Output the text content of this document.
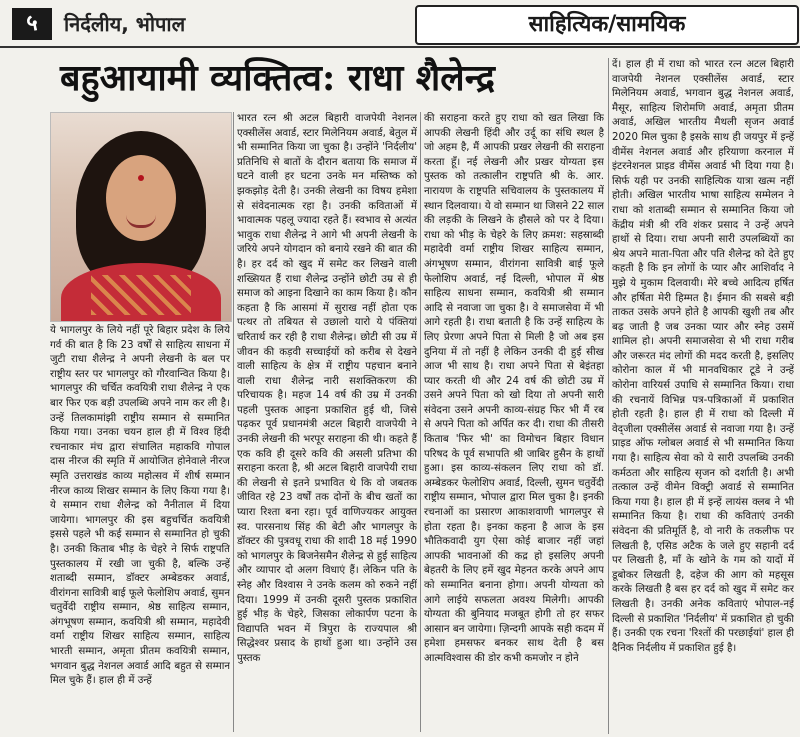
५	निर्दलीय, भोपाल	साहित्यिक/सामयिक
बहुआयामी व्यक्तित्व: राधा शैलेन्द्र

ये भागलपुर के लिये नहीं पूरे बिहार प्रदेश के लिये गर्व की बात है कि 23 वर्षों से साहित्य साधना में जुटी राधा शैलेन्द्र ने अपनी लेखनी के बल पर राष्ट्रीय स्तर पर भागलपुर को गौरवान्वित किया है। भागलपुर की चर्चित कवयित्री राधा शैलेन्द्र ने एक बार फिर एक बड़ी उपलब्धि अपने नाम कर ली है। उन्हें तिलकामांझी राष्ट्रीय सम्मान से सम्मानित किया गया। उनका चयन हाल ही में विश्व हिंदी रचनाकार मंच द्वारा संचालित महाकवि गोपाल दास नीरज की स्मृति में आयोजित होनेवाले नीरज स्मृति उत्तराखंड काव्य महोत्सव में शीर्ष सम्मान नीरज काव्य शिखर सम्मान के लिए किया गया है। ये सम्मान राधा शैलेन्द्र को नैनीताल में दिया जायेगा। भागलपुर की इस बहुचर्चित कवयित्री इससे पहले भी कई सम्मान से सम्मानित हो चुकी है। उनकी किताब भीड़ के चेहरे ने सिर्फ राष्ट्रपति पुस्तकालय में रखी जा चुकी है, बल्कि उन्हें शताब्दी सम्मान, डॉक्टर अम्बेडकर अवार्ड, वीरांगना सावित्री बाई फूले फेलोशिप अवार्ड, सुमन चतुर्वेदी राष्ट्रीय सम्मान, श्रेष्ठ साहित्य सम्मान, अंगभूषण सम्मान, कवयित्री श्री सम्मान, महादेवी वर्मा राष्ट्रीय शिखर साहित्य सम्मान, साहित्य भारती सम्मान, अमृता प्रीतम कवयित्री सम्मान, भगवान बुद्ध नेशनल अवार्ड आदि बहुत से सम्मान मिल चुके हैं। हाल ही में उन्हें

भारत रत्न श्री अटल बिहारी वाजपेयी नेशनल एक्सीलेंस अवार्ड, स्टार मिलेनियम अवार्ड, बेतुल में भी सम्मानित किया जा चुका है। उन्होंने 'निर्दलीय' प्रतिनिधि से बातों के दौरान बताया कि समाज में घटने वाली हर घटना उनके मन मस्तिष्क को झकझोड़ देती है। उनकी लेखनी का विषय हमेशा से संवेदनात्मक रहा है। उनकी कविताओं में भावात्मक पहलू ज्यादा रहते हैं। स्वभाव से अत्यंत भावुक राधा शैलेन्द्र ने आगे भी अपनी लेखनी के जरिये अपने योगदान को बनाये रखने की बात की है। हर दर्द को खुद में समेट कर लिखने वाली शख्सियत हैं राधा शैलेन्द्र उन्होंने छोटी उम्र से ही समाज को आइना दिखाने का काम किया है। कौन कहता है कि आसमां में सुराख नहीं होता एक पत्थर तो तबियत से उछालो यारो ये पंक्तियां चरितार्थ कर रही है राधा शैलेन्द्र। छोटी सी उम्र में जीवन की कड़वी सच्चाईयों को करीब से देखने वाली साहित्य के क्षेत्र में राष्ट्रीय पहचान बनाने वाली राधा शैलेन्द्र नारी सशक्तिकरण की परिचायक है। महज 14 वर्ष की उम्र में उनकी पहली पुस्तक आइना प्रकाशित हुई थी, जिसे पढ़कर पूर्व प्रधानमंत्री अटल बिहारी वाजपेयी ने उनकी लेखनी की भरपूर सराहना की थी। कहते हैं एक कवि ही दूसरे कवि की असली प्रतिभा की सराहना करता है, श्री अटल बिहारी वाजपेयी राधा की लेखनी से इतने प्रभावित थे कि वो जबतक जीवित रहे 23 वर्षों तक दोनों के बीच खतों का प्यारा रिश्ता बना रहा। पूर्व वाणिज्यकर आयुक्त स्व. पारसनाथ सिंह की बेटी और भागलपुर के डॉक्टर की पुत्रवधू राधा की शादी 18 मई 1990 को भागलपुर के बिजनेसमैन शैलेन्द्र से हुई साहित्य और व्यापार दो अलग विधाएं हैं। लेकिन पति के स्नेह और विश्वास ने उनके कलम को रुकने नहीं दिया। 1999 में उनकी दूसरी पुस्तक प्रकाशित हुई भीड़ के चेहरे, जिसका लोकार्पण पटना के विद्यापति भवन में त्रिपुरा के राज्यपाल श्री सिद्धेश्वर प्रसाद के हाथों हुआ था। उन्होंने उस पुस्तक

की सराहना करते हुए राधा को खत लिखा कि आपकी लेखनी हिंदी और उर्दू का संधि स्थल है जो अहम है, मैं आपकी प्रखर लेखनी की सराहना करता हूँ। नई लेखनी और प्रखर योग्यता इस पुस्तक को तत्कालीन राष्ट्रपति श्री के. आर. नारायण के राष्ट्रपति सचिवालय के पुस्तकालय में स्थान दिलवाया। ये वो सम्मान था जिसने 22 साल की लड़की के लिखने के हौसले को पर दे दिया। राधा को भीड़ के चेहरे के लिए क्रमश: सहस्राब्दी महादेवी वर्मा राष्ट्रीय शिखर साहित्य सम्मान, अंगभूषण सम्मान, वीरांगना सावित्री बाई फूले फेलोशिप अवार्ड, नई दिल्ली, भोपाल में श्रेष्ठ साहित्य साधना सम्मान, कवयित्री श्री सम्मान आदि से नवाजा जा चुका है। वे समाजसेवा में भी आगे रहती है। राधा बताती है कि उन्हें साहित्य के लिए प्रेरणा अपने पिता से मिली है जो अब इस दुनिया में तो नहीं है लेकिन उनकी दी हुई सीख आज भी साथ है। राधा अपने पिता से बेइंतहा प्यार करती थी और 24 वर्ष की छोटी उम्र में उसने अपने पिता को खो दिया तो अपनी सारी संवेदना उसने अपनी काव्य-संग्रह फिर भी मैं रब से अपने पिता को अर्पित कर दी। राधा की तीसरी किताब 'फिर भी' का विमोचन बिहार विधान परिषद के पूर्व सभापति श्री जाबिर हुसैन के हाथों हुआ। इस काव्य-संकलन लिए राधा को डॉ. अम्बेडकर फेलोशिप अवार्ड, दिल्ली, सुमन चतुर्वेदी राष्ट्रीय सम्मान, भोपाल द्वारा मिल चुका है। इनकी रचनाओं का प्रसारण आकाशवाणी भागलपुर से होता रहता है। इनका कहना है आज के इस भौतिकवादी युग ऐसा कोई बाजार नहीं जहां आपकी भावनाओं की कद्र हो इसलिए अपनी बेहतरी के लिए हमें खुद मेहनत करके अपने आप को सम्मानित बनाना होगा। अपनी योग्यता को आगे लाईये सफलता अवश्य मिलेगी। आपकी योग्यता की बुनियाद मजबूत होगी तो हर सफर आसान बन जायेगा। ज़िन्दगी आपके सही कदम में हमेशा हमसफर बनकर साथ देती है बस आत्मविश्वास की डोर कभी कमजोर न होने

दें। हाल ही में राधा को भारत रत्न अटल बिहारी वाजपेयी नेशनल एक्सीलेंस अवार्ड, स्टार मिलेनियम अवार्ड, भगवान बुद्ध नेशनल अवार्ड, मैसूर, साहित्य शिरोमणि अवार्ड, अमृता प्रीतम अवार्ड, अखिल भारतीय मैथली सृजन अवार्ड 2020 मिल चुका है इसके साथ ही जयपुर में इन्हें वीमेंस नेशनल अवार्ड और हरियाणा करनाल में इंटरनेशनल प्राइड वीमेंस अवार्ड भी दिया गया है। सिर्फ यही पर उनकी साहित्यिक यात्रा खत्म नहीं होती। अखिल भारतीय भाषा साहित्य सम्मेलन ने राधा को शताब्दी सम्मान से सम्मानित किया जो केंद्रीय मंत्री श्री रवि शंकर प्रसाद ने उन्हें अपने हाथों से दिया। राधा अपनी सारी उपलब्धियों का श्रेय अपने माता-पिता और पति शैलेन्द्र को देते हुए कहती है कि इन लोगों के प्यार और आशिर्वाद ने मुझे ये मुकाम दिलवायी। मेरे बच्चे आदित्य हर्षित और हर्षिता मेरी हिम्मत है। ईमान की सबसे बड़ी ताकत उसके अपने होते है आपकी खुशी तब और बढ़ जाती है जब उनका प्यार और स्नेह उसमें शामिल हो। अपनी समाजसेवा से भी राधा गरीब और जरूरत मंद लोगों की मदद करती है, इसलिए कोरोना काल में भी मानवधिकार टूडे ने उन्हें कोरोना वारियर्स उपाधि से सम्मानित किया। राधा की रचनायें विभिन्न पत्र-पत्रिकाओं में प्रकाशित होती रहती है। हाल ही में राधा को दिल्ली में वेद्जीला एक्सीलेंस अवार्ड से नवाजा गया है। उन्हें प्राइड ऑफ ग्लोबल अवार्ड से भी सम्मानित किया गया है। साहित्य सेवा को ये सारी उपलब्धि उनकी कर्मठता और साहित्य सृजन को दर्शाती है। अभी तत्काल उन्हें वीमेन विक्ट्री अवार्ड से सम्मानित किया गया है। हाल ही में इन्हें लायंस क्लब ने भी सम्मानित किया है। राधा की कविताएं उनकी संवेदना की प्रतिमूर्ति है, वो नारी के तकलीफ पर लिखती है, एसिड अटैक के जले हुए सहानी दर्द पर लिखती है, माँ के खोने के गम को यादों में डूबोकर लिखती है, दहेज की आग को महसूस करके लिखती है बस हर दर्द को खुद में समेट कर लिखती है। उनकी अनेक कविताएं भोपाल-नई दिल्ली से प्रकाशित 'निर्दलीय' में प्रकाशित हो चुकी हैं। उनकी एक रचना 'रिश्तों की परछाईयां' हाल ही दैनिक निर्दलीय में प्रकाशित हुई है।
